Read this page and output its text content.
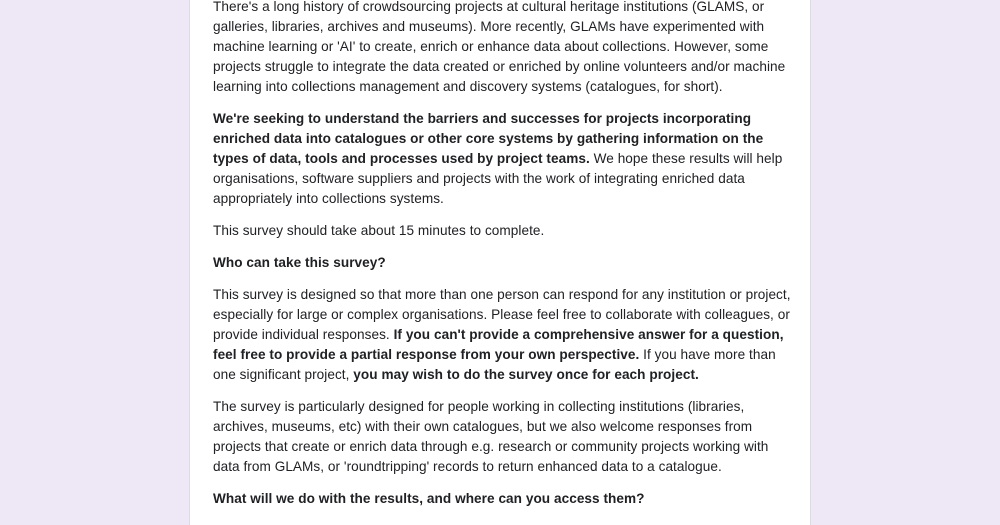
There's a long history of crowdsourcing projects at cultural heritage institutions (GLAMS, or galleries, libraries, archives and museums). More recently, GLAMs have experimented with machine learning or 'AI' to create, enrich or enhance data about collections. However, some projects struggle to integrate the data created or enriched by online volunteers and/or machine learning into collections management and discovery systems (catalogues, for short).

We're seeking to understand the barriers and successes for projects incorporating enriched data into catalogues or other core systems by gathering information on the types of data, tools and processes used by project teams. We hope these results will help organisations, software suppliers and projects with the work of integrating enriched data appropriately into collections systems.

This survey should take about 15 minutes to complete.

Who can take this survey?

This survey is designed so that more than one person can respond for any institution or project, especially for large or complex organisations. Please feel free to collaborate with colleagues, or provide individual responses. If you can't provide a comprehensive answer for a question, feel free to provide a partial response from your own perspective. If you have more than one significant project, you may wish to do the survey once for each project.

The survey is particularly designed for people working in collecting institutions (libraries, archives, museums, etc) with their own catalogues, but we also welcome responses from projects that create or enrich data through e.g. research or community projects working with data from GLAMs, or 'roundtripping' records to return enhanced data to a catalogue.

What will we do with the results, and where can you access them?
